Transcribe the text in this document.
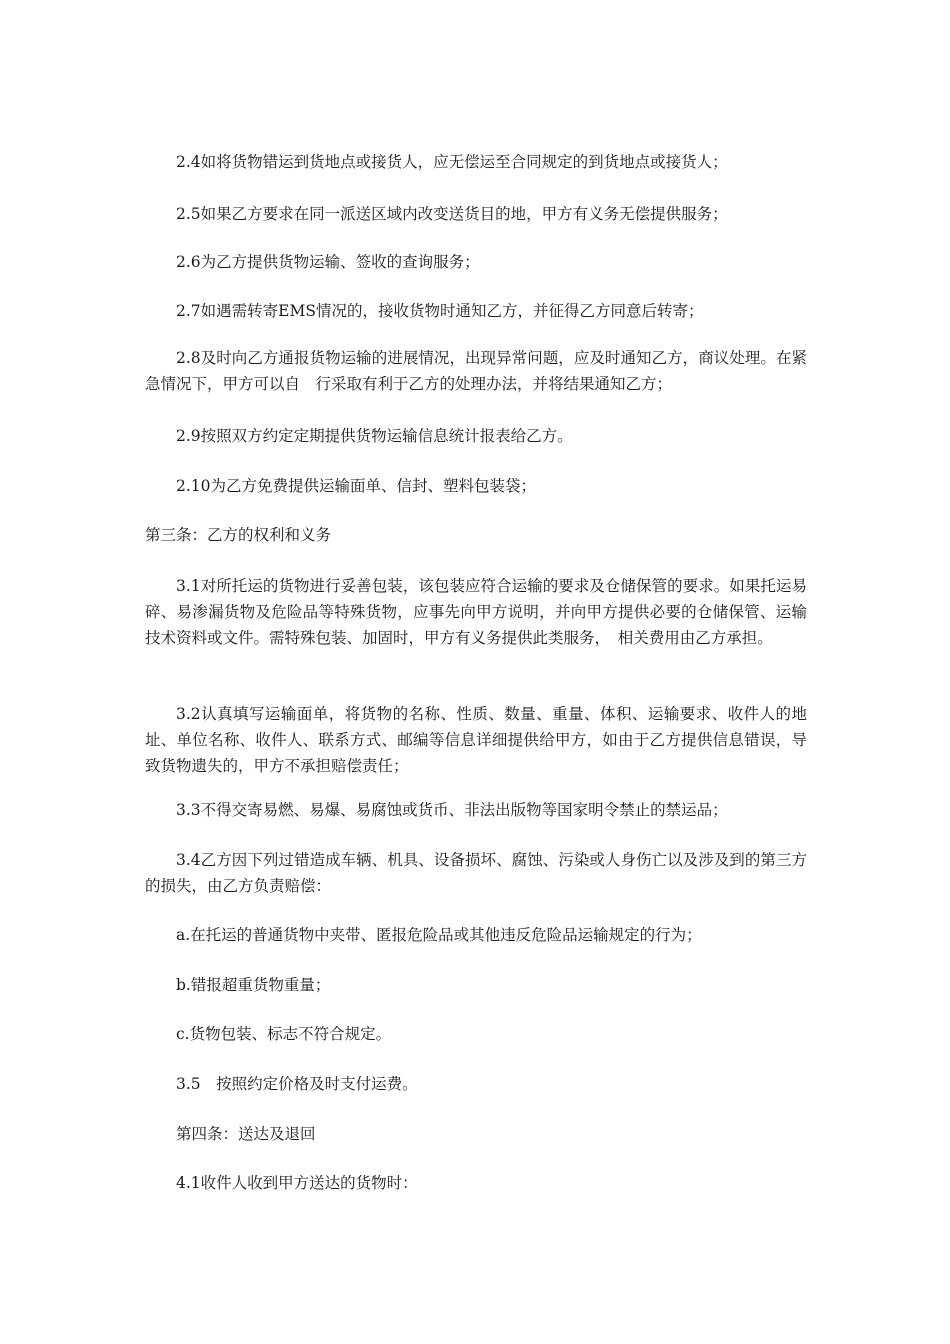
2.4如将货物错运到货地点或接货人，应无偿运至合同规定的到货地点或接货人；

2.5如果乙方要求在同一派送区域内改变送货目的地，甲方有义务无偿提供服务；

2.6为乙方提供货物运输、签收的查询服务；

2.7如遇需转寄EMS情况的，接收货物时通知乙方，并征得乙方同意后转寄；

2.8及时向乙方通报货物运输的进展情况，出现异常问题，应及时通知乙方，商议处理。在紧急情况下，甲方可以自　行采取有利于乙方的处理办法，并将结果通知乙方；

2.9按照双方约定定期提供货物运输信息统计报表给乙方。

2.10为乙方免费提供运输面单、信封、塑料包装袋；

第三条：乙方的权利和义务

3.1对所托运的货物进行妥善包装，该包装应符合运输的要求及仓储保管的要求。如果托运易碎、易渗漏货物及危险品等特殊货物，应事先向甲方说明，并向甲方提供必要的仓储保管、运输技术资料或文件。需特殊包装、加固时，甲方有义务提供此类服务，　相关费用由乙方承担。

3.2认真填写运输面单，将货物的名称、性质、数量、重量、体积、运输要求、收件人的地址、单位名称、收件人、联系方式、邮编等信息详细提供给甲方，如由于乙方提供信息错误，导致货物遗失的，甲方不承担赔偿责任；

3.3不得交寄易燃、易爆、易腐蚀或货币、非法出版物等国家明令禁止的禁运品；

3.4乙方因下列过错造成车辆、机具、设备损坏、腐蚀、污染或人身伤亡以及涉及到的第三方的损失，由乙方负责赔偿：

a.在托运的普通货物中夹带、匿报危险品或其他违反危险品运输规定的行为；

b.错报超重货物重量；

c.货物包装、标志不符合规定。

3.5　按照约定价格及时支付运费。

第四条：送达及退回

4.1收件人收到甲方送达的货物时：
